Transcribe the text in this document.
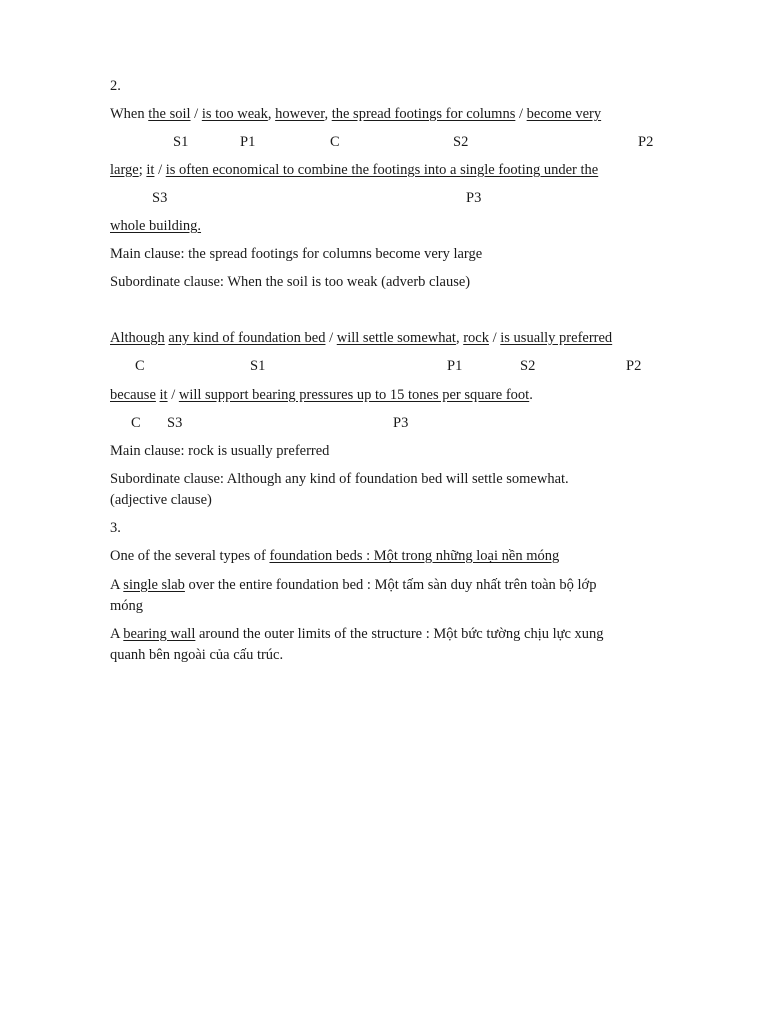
2.
When the soil / is too weak, however, the spread footings for columns / become very
S1	P1	C	S2	P2
large; it / is often economical to combine the footings into a single footing under the
S3	P3
whole building.
Main clause: the spread footings for columns become very large
Subordinate clause: When the soil is too weak (adverb clause)
Although any kind of foundation bed / will settle somewhat, rock / is usually preferred
C	S1	P1	S2	P2
because it / will support bearing pressures up to 15 tones per square foot.
C S3	P3
Main clause: rock is usually preferred
Subordinate clause: Although any kind of foundation bed will settle somewhat.
(adjective clause)
3.
One of the several types of foundation beds : Một trong những loại nền móng
A single slab over the entire foundation bed : Một tấm sàn duy nhất trên toàn bộ lớp
móng
A bearing wall around the outer limits of the structure : Một bức tường chịu lực xung
quanh bên ngoài của cấu trúc.
